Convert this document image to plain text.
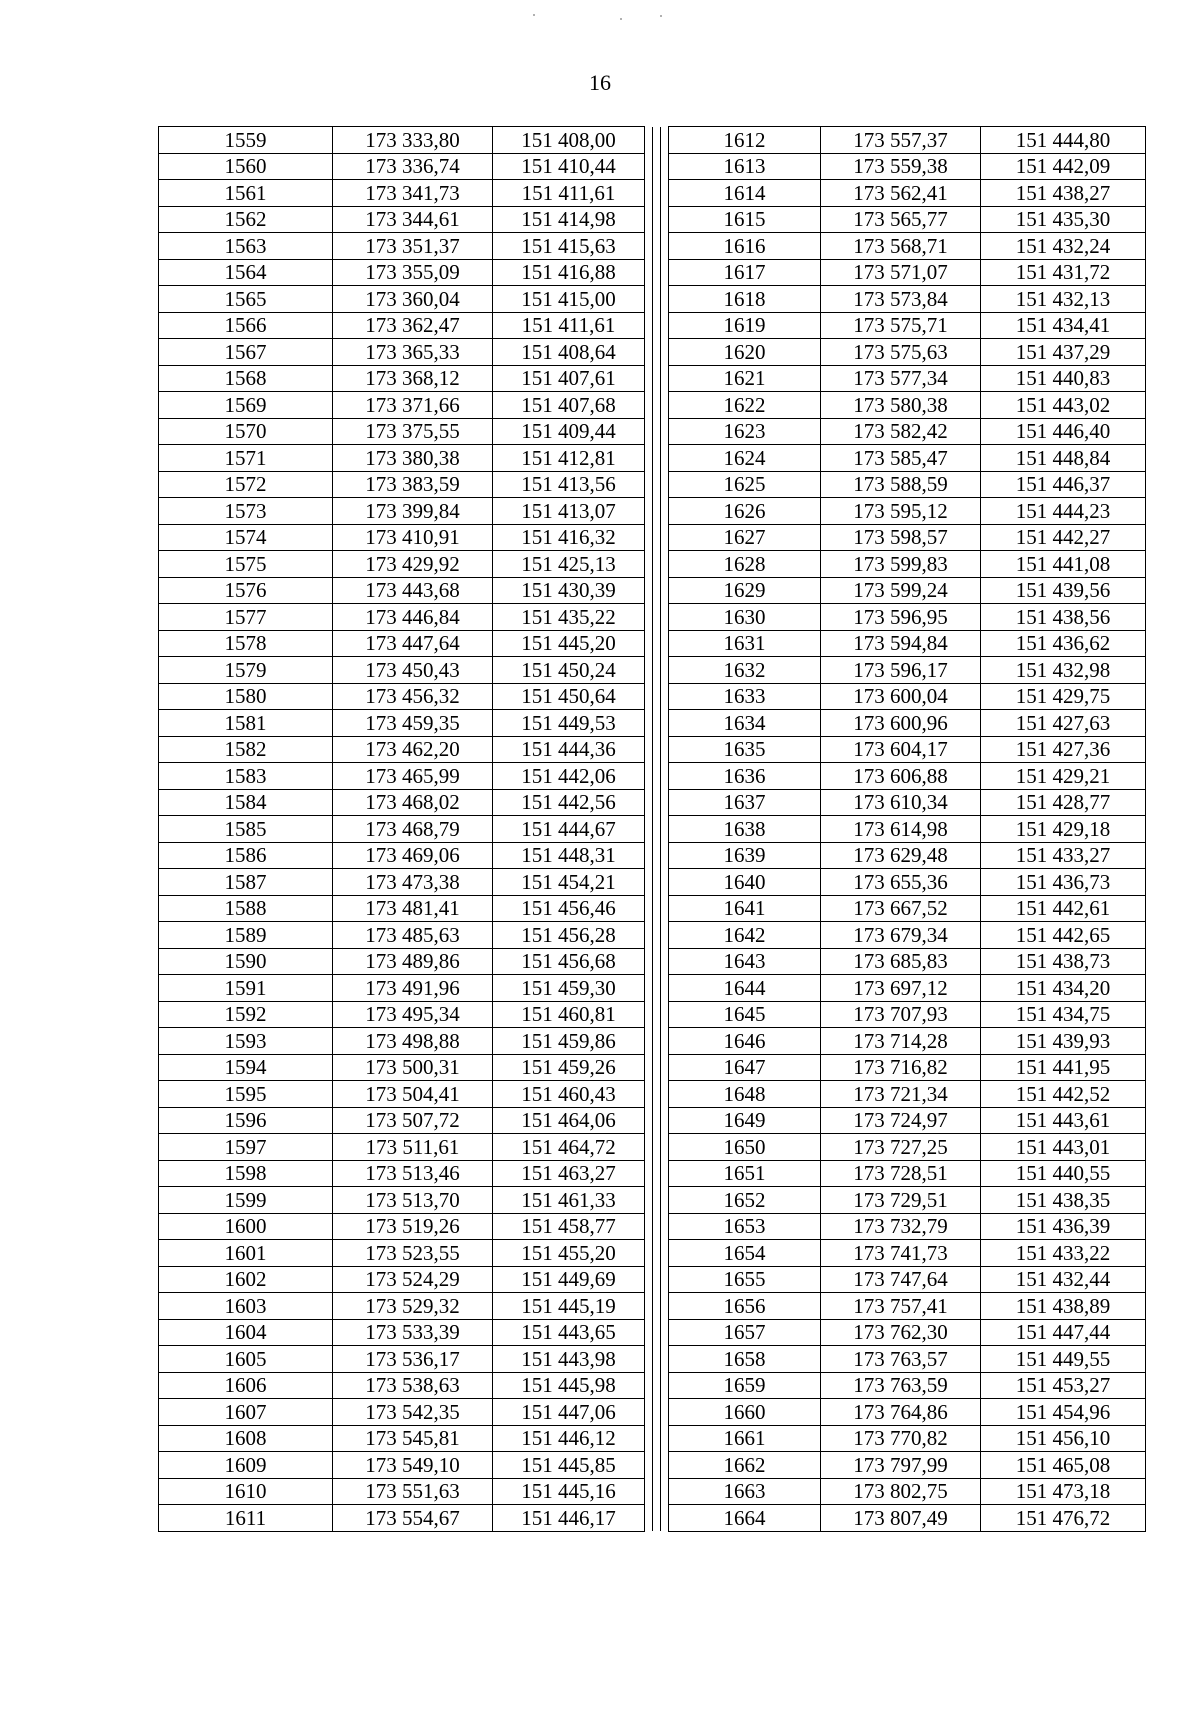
16
1559	173 333,80	151 408,00				1612	173 557,37	151 444,80
1560	173 336,74	151 410,44				1613	173 559,38	151 442,09
1561	173 341,73	151 411,61				1614	173 562,41	151 438,27
1562	173 344,61	151 414,98				1615	173 565,77	151 435,30
1563	173 351,37	151 415,63				1616	173 568,71	151 432,24
1564	173 355,09	151 416,88				1617	173 571,07	151 431,72
1565	173 360,04	151 415,00				1618	173 573,84	151 432,13
1566	173 362,47	151 411,61				1619	173 575,71	151 434,41
1567	173 365,33	151 408,64				1620	173 575,63	151 437,29
1568	173 368,12	151 407,61				1621	173 577,34	151 440,83
1569	173 371,66	151 407,68				1622	173 580,38	151 443,02
1570	173 375,55	151 409,44				1623	173 582,42	151 446,40
1571	173 380,38	151 412,81				1624	173 585,47	151 448,84
1572	173 383,59	151 413,56				1625	173 588,59	151 446,37
1573	173 399,84	151 413,07				1626	173 595,12	151 444,23
1574	173 410,91	151 416,32				1627	173 598,57	151 442,27
1575	173 429,92	151 425,13				1628	173 599,83	151 441,08
1576	173 443,68	151 430,39				1629	173 599,24	151 439,56
1577	173 446,84	151 435,22				1630	173 596,95	151 438,56
1578	173 447,64	151 445,20				1631	173 594,84	151 436,62
1579	173 450,43	151 450,24				1632	173 596,17	151 432,98
1580	173 456,32	151 450,64				1633	173 600,04	151 429,75
1581	173 459,35	151 449,53				1634	173 600,96	151 427,63
1582	173 462,20	151 444,36				1635	173 604,17	151 427,36
1583	173 465,99	151 442,06				1636	173 606,88	151 429,21
1584	173 468,02	151 442,56				1637	173 610,34	151 428,77
1585	173 468,79	151 444,67				1638	173 614,98	151 429,18
1586	173 469,06	151 448,31				1639	173 629,48	151 433,27
1587	173 473,38	151 454,21				1640	173 655,36	151 436,73
1588	173 481,41	151 456,46				1641	173 667,52	151 442,61
1589	173 485,63	151 456,28				1642	173 679,34	151 442,65
1590	173 489,86	151 456,68				1643	173 685,83	151 438,73
1591	173 491,96	151 459,30				1644	173 697,12	151 434,20
1592	173 495,34	151 460,81				1645	173 707,93	151 434,75
1593	173 498,88	151 459,86				1646	173 714,28	151 439,93
1594	173 500,31	151 459,26				1647	173 716,82	151 441,95
1595	173 504,41	151 460,43				1648	173 721,34	151 442,52
1596	173 507,72	151 464,06				1649	173 724,97	151 443,61
1597	173 511,61	151 464,72				1650	173 727,25	151 443,01
1598	173 513,46	151 463,27				1651	173 728,51	151 440,55
1599	173 513,70	151 461,33				1652	173 729,51	151 438,35
1600	173 519,26	151 458,77				1653	173 732,79	151 436,39
1601	173 523,55	151 455,20				1654	173 741,73	151 433,22
1602	173 524,29	151 449,69				1655	173 747,64	151 432,44
1603	173 529,32	151 445,19				1656	173 757,41	151 438,89
1604	173 533,39	151 443,65				1657	173 762,30	151 447,44
1605	173 536,17	151 443,98				1658	173 763,57	151 449,55
1606	173 538,63	151 445,98				1659	173 763,59	151 453,27
1607	173 542,35	151 447,06				1660	173 764,86	151 454,96
1608	173 545,81	151 446,12				1661	173 770,82	151 456,10
1609	173 549,10	151 445,85				1662	173 797,99	151 465,08
1610	173 551,63	151 445,16				1663	173 802,75	151 473,18
1611	173 554,67	151 446,17				1664	173 807,49	151 476,72
